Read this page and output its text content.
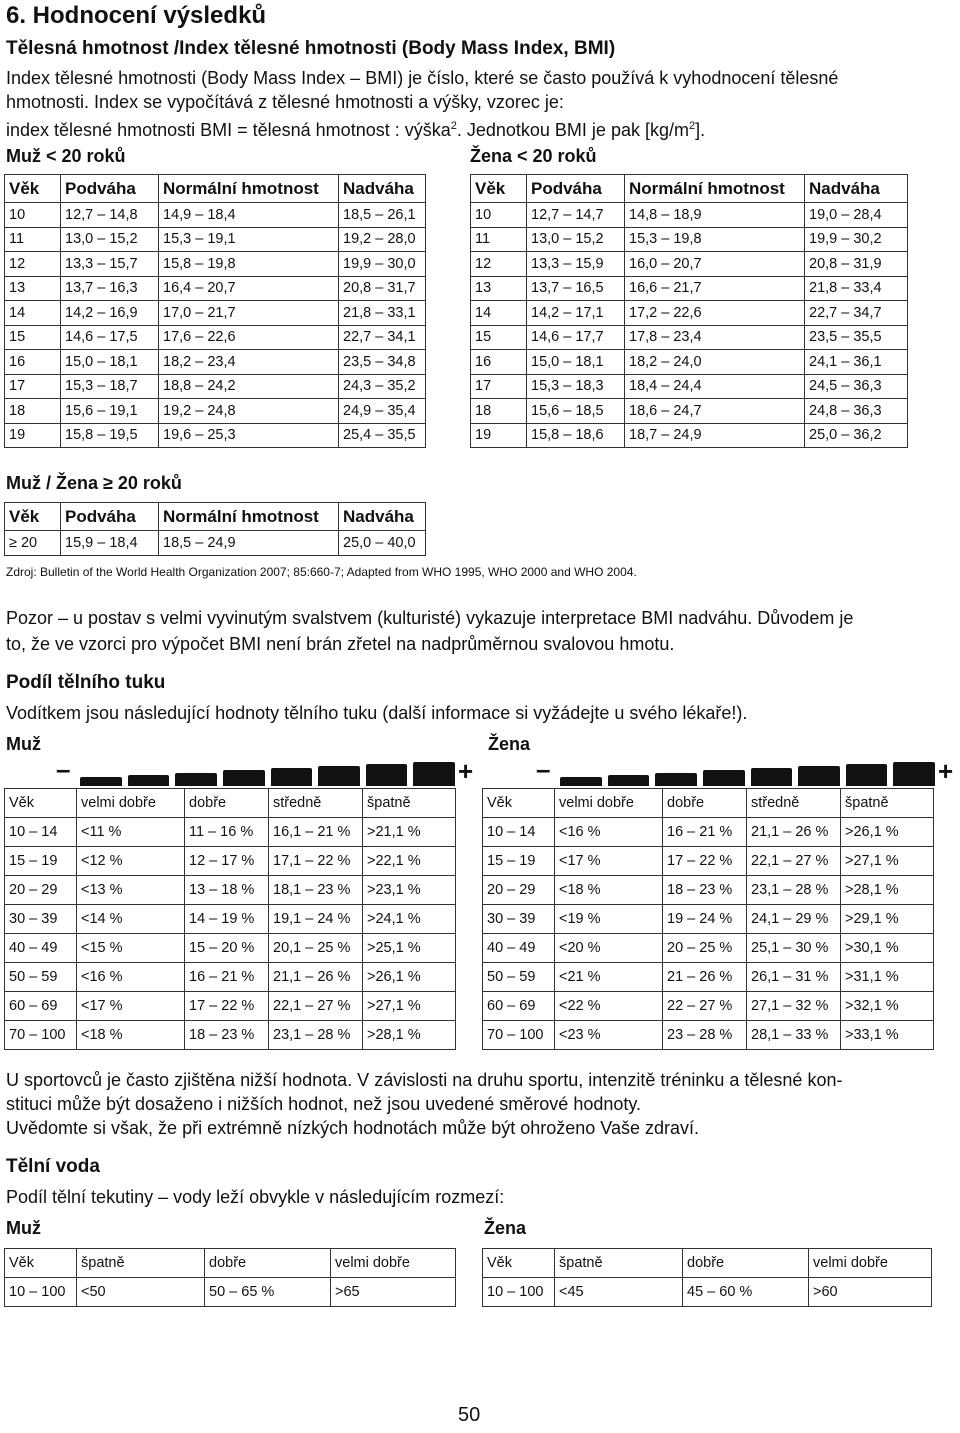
6. Hodnocení výsledků
Tělesná hmotnost /Index tělesné hmotnosti (Body Mass Index, BMI)
Index tělesné hmotnosti (Body Mass Index – BMI) je číslo, které se často používá k vyhodnocení tělesné
hmotnosti. Index se vypočítává z tělesné hmotnosti a výšky, vzorec je:
index tělesné hmotnosti BMI = tělesná hmotnost : výška$^2$. Jednotkou BMI je pak $[kg/m^2]$.
Muž < 20 roků	Žena < 20 roků
Věk	Podváha	Normální hmotnost	Nadváha
10	12,7 – 14,8	14,9 – 18,4	18,5 – 26,1
11	13,0 – 15,2	15,3 – 19,1	19,2 – 28,0
12	13,3 – 15,7	15,8 – 19,8	19,9 – 30,0
13	13,7 – 16,3	16,4 – 20,7	20,8 – 31,7
14	14,2 – 16,9	17,0 – 21,7	21,8 – 33,1
15	14,6 – 17,5	17,6 – 22,6	22,7 – 34,1
16	15,0 – 18,1	18,2 – 23,4	23,5 – 34,8
17	15,3 – 18,7	18,8 – 24,2	24,3 – 35,2
18	15,6 – 19,1	19,2 – 24,8	24,9 – 35,4
19	15,8 – 19,5	19,6 – 25,3	25,4 – 35,5
Věk	Podváha	Normální hmotnost	Nadváha
10	12,7 – 14,7	14,8 – 18,9	19,0 – 28,4
11	13,0 – 15,2	15,3 – 19,8	19,9 – 30,2
12	13,3 – 15,9	16,0 – 20,7	20,8 – 31,9
13	13,7 – 16,5	16,6 – 21,7	21,8 – 33,4
14	14,2 – 17,1	17,2 – 22,6	22,7 – 34,7
15	14,6 – 17,7	17,8 – 23,4	23,5 – 35,5
16	15,0 – 18,1	18,2 – 24,0	24,1 – 36,1
17	15,3 – 18,3	18,4 – 24,4	24,5 – 36,3
18	15,6 – 18,5	18,6 – 24,7	24,8 – 36,3
19	15,8 – 18,6	18,7 – 24,9	25,0 – 36,2
Muž / Žena ≥ 20 roků
Věk	Podváha	Normální hmotnost	Nadváha
≥ 20	15,9 – 18,4	18,5 – 24,9	25,0 – 40,0
Zdroj: Bulletin of the World Health Organization 2007; 85:660-7; Adapted from WHO 1995, WHO 2000 and WHO 2004.
Pozor – u postav s velmi vyvinutým svalstvem (kulturisté) vykazuje interpretace BMI nadváhu. Důvodem je
to, že ve vzorci pro výpočet BMI není brán zřetel na nadprůměrnou svalovou hmotu.
Podíl tělního tuku
Vodítkem jsou následující hodnoty tělního tuku (další informace si vyžádejte u svého lékaře!).
Muž	Žena
–	+ –	+
Věk	velmi dobře	dobře	středně	špatně
10 – 14	<11 %	11 – 16 %	16,1 – 21 %	>21,1 %
15 – 19	<12 %	12 – 17 %	17,1 – 22 %	>22,1 %
20 – 29	<13 %	13 – 18 %	18,1 – 23 %	>23,1 %
30 – 39	<14 %	14 – 19 %	19,1 – 24 %	>24,1 %
40 – 49	<15 %	15 – 20 %	20,1 – 25 %	>25,1 %
50 – 59	<16 %	16 – 21 %	21,1 – 26 %	>26,1 %
60 – 69	<17 %	17 – 22 %	22,1 – 27 %	>27,1 %
70 – 100	<18 %	18 – 23 %	23,1 – 28 %	>28,1 %
Věk	velmi dobře	dobře	středně	špatně
10 – 14	<16 %	16 – 21 %	21,1 – 26 %	>26,1 %
15 – 19	<17 %	17 – 22 %	22,1 – 27 %	>27,1 %
20 – 29	<18 %	18 – 23 %	23,1 – 28 %	>28,1 %
30 – 39	<19 %	19 – 24 %	24,1 – 29 %	>29,1 %
40 – 49	<20 %	20 – 25 %	25,1 – 30 %	>30,1 %
50 – 59	<21 %	21 – 26 %	26,1 – 31 %	>31,1 %
60 – 69	<22 %	22 – 27 %	27,1 – 32 %	>32,1 %
70 – 100	<23 %	23 – 28 %	28,1 – 33 %	>33,1 %
U sportovců je často zjištěna nižší hodnota. V závislosti na druhu sportu, intenzitě tréninku a tělesné kon-
stituci může být dosaženo i nižších hodnot, než jsou uvedené směrové hodnoty.
Uvědomte si však, že při extrémně nízkých hodnotách může být ohroženo Vaše zdraví.
Tělní voda
Podíl tělní tekutiny – vody leží obvykle v následujícím rozmezí:
Muž	Žena
Věk	špatně	dobře	velmi dobře
10 – 100	<50	50 – 65 %	>65
Věk	špatně	dobře	velmi dobře
10 – 100	<45	45 – 60 %	>60
50
